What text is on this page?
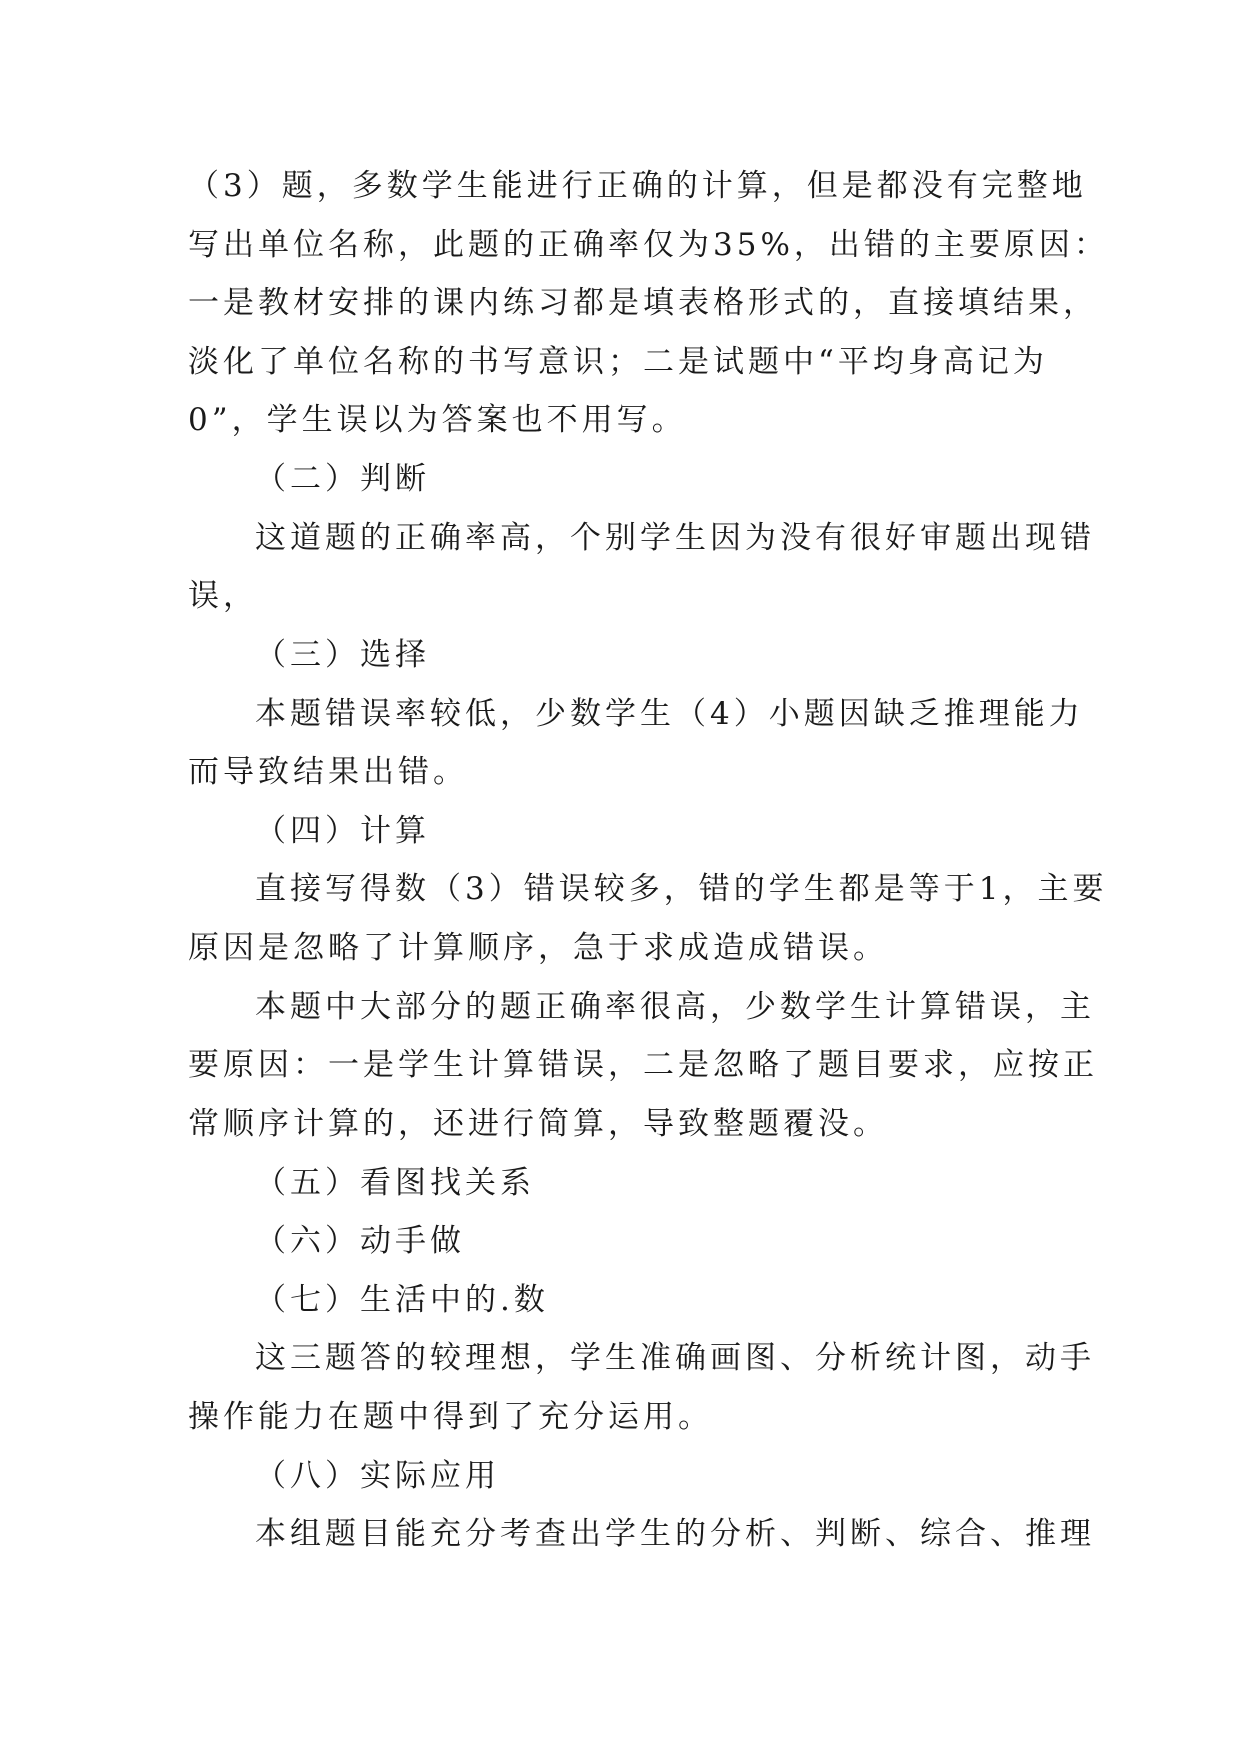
（3）题，多数学生能进行正确的计算，但是都没有完整地
写出单位名称，此题的正确率仅为35%，出错的主要原因：
一是教材安排的课内练习都是填表格形式的，直接填结果，
淡化了单位名称的书写意识；二是试题中“平均身高记为
0”，学生误以为答案也不用写。
（二）判断
这道题的正确率高，个别学生因为没有很好审题出现错
误，
（三）选择
本题错误率较低，少数学生（4）小题因缺乏推理能力
而导致结果出错。
（四）计算
直接写得数（3）错误较多，错的学生都是等于1，主要
原因是忽略了计算顺序，急于求成造成错误。
本题中大部分的题正确率很高，少数学生计算错误，主
要原因：一是学生计算错误，二是忽略了题目要求，应按正
常顺序计算的，还进行简算，导致整题覆没。
（五）看图找关系
（六）动手做
（七）生活中的.数
这三题答的较理想，学生准确画图、分析统计图，动手
操作能力在题中得到了充分运用。
（八）实际应用
本组题目能充分考查出学生的分析、判断、综合、推理
